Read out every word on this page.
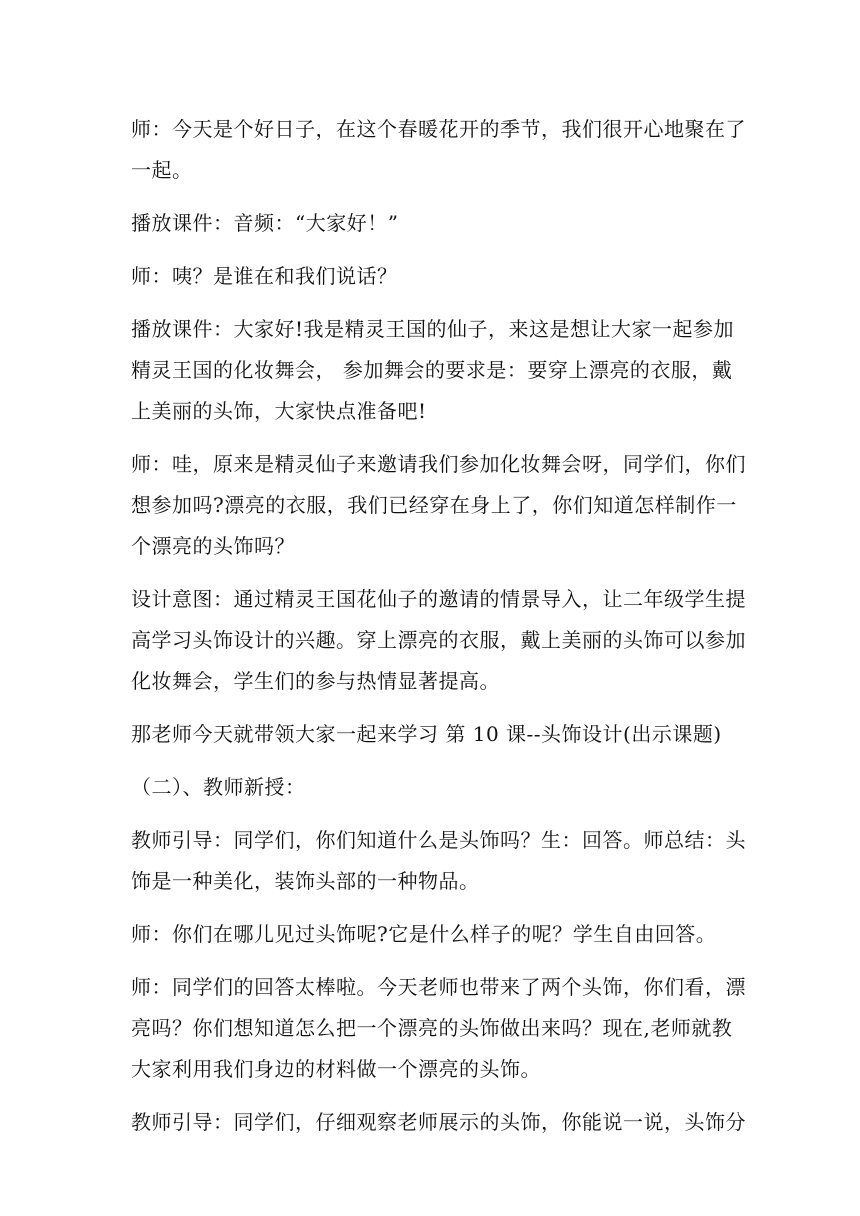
师：今天是个好日子，在这个春暖花开的季节，我们很开心地聚在了
一起。

播放课件：音频：“大家好！”

师：咦？是谁在和我们说话？

播放课件：大家好!我是精灵王国的仙子，来这是想让大家一起参加
精灵王国的化妆舞会， 参加舞会的要求是：要穿上漂亮的衣服，戴
上美丽的头饰，大家快点准备吧!

师：哇，原来是精灵仙子来邀请我们参加化妆舞会呀，同学们，你们
想参加吗?漂亮的衣服，我们已经穿在身上了，你们知道怎样制作一
个漂亮的头饰吗？

设计意图：通过精灵王国花仙子的邀请的情景导入，让二年级学生提
高学习头饰设计的兴趣。穿上漂亮的衣服，戴上美丽的头饰可以参加
化妆舞会，学生们的参与热情显著提高。

那老师今天就带领大家一起来学习 第 10 课--头饰设计(出示课题)

（二）、教师新授：

教师引导：同学们，你们知道什么是头饰吗？生：回答。师总结：头
饰是一种美化，装饰头部的一种物品。

师：你们在哪儿见过头饰呢?它是什么样子的呢？学生自由回答。

师：同学们的回答太棒啦。今天老师也带来了两个头饰，你们看，漂
亮吗？你们想知道怎么把一个漂亮的头饰做出来吗？现在,老师就教
大家利用我们身边的材料做一个漂亮的头饰。

教师引导：同学们，仔细观察老师展示的头饰，你能说一说，头饰分
